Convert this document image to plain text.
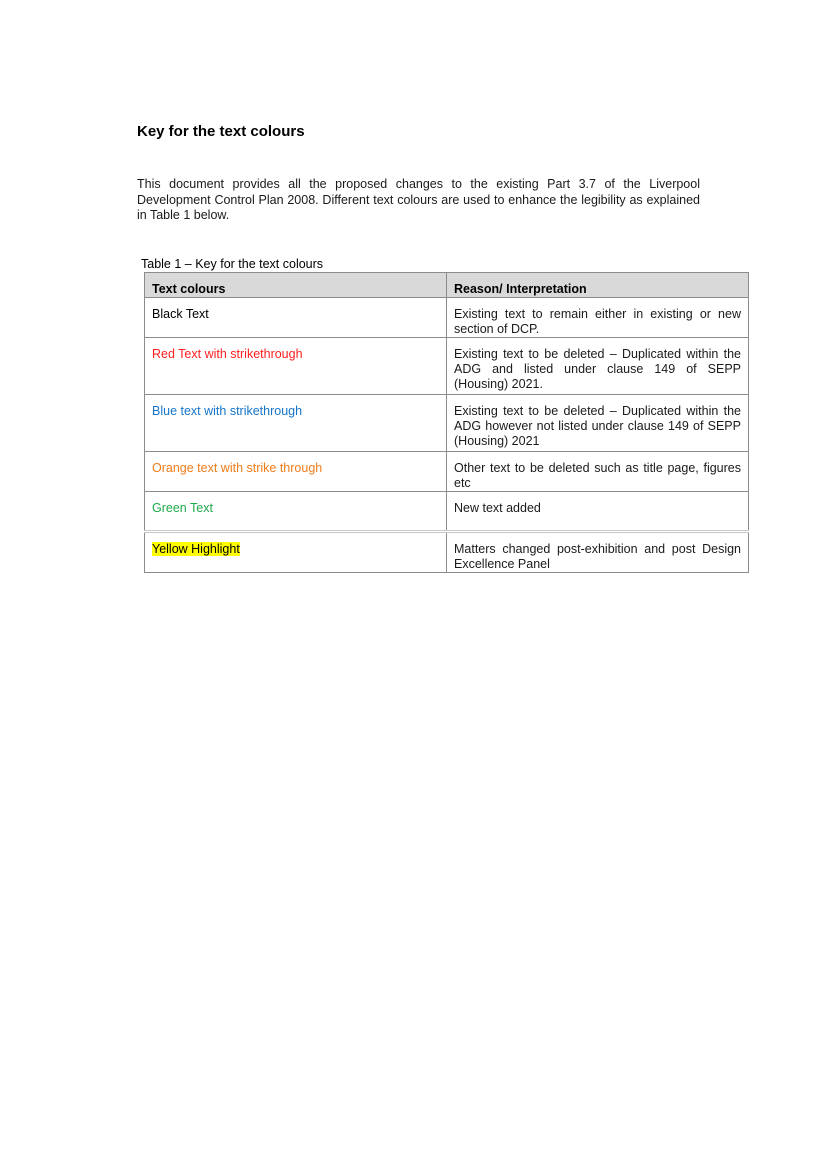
Key for the text colours

This document provides all the proposed changes to the existing Part 3.7 of the Liverpool Development Control Plan 2008. Different text colours are used to enhance the legibility as explained in Table 1 below.

Table 1 – Key for the text colours
Text colours	Reason/ Interpretation
Black Text	Existing text to remain either in existing or new section of DCP.
Red Text with strikethrough	Existing text to be deleted – Duplicated within the ADG and listed under clause 149 of SEPP (Housing) 2021.
Blue text with strikethrough	Existing text to be deleted – Duplicated within the ADG however not listed under clause 149 of SEPP (Housing) 2021
Orange text with strike through	Other text to be deleted such as title page, figures etc
Green Text	New text added
Yellow Highlight	Matters changed post-exhibition and post Design Excellence Panel
